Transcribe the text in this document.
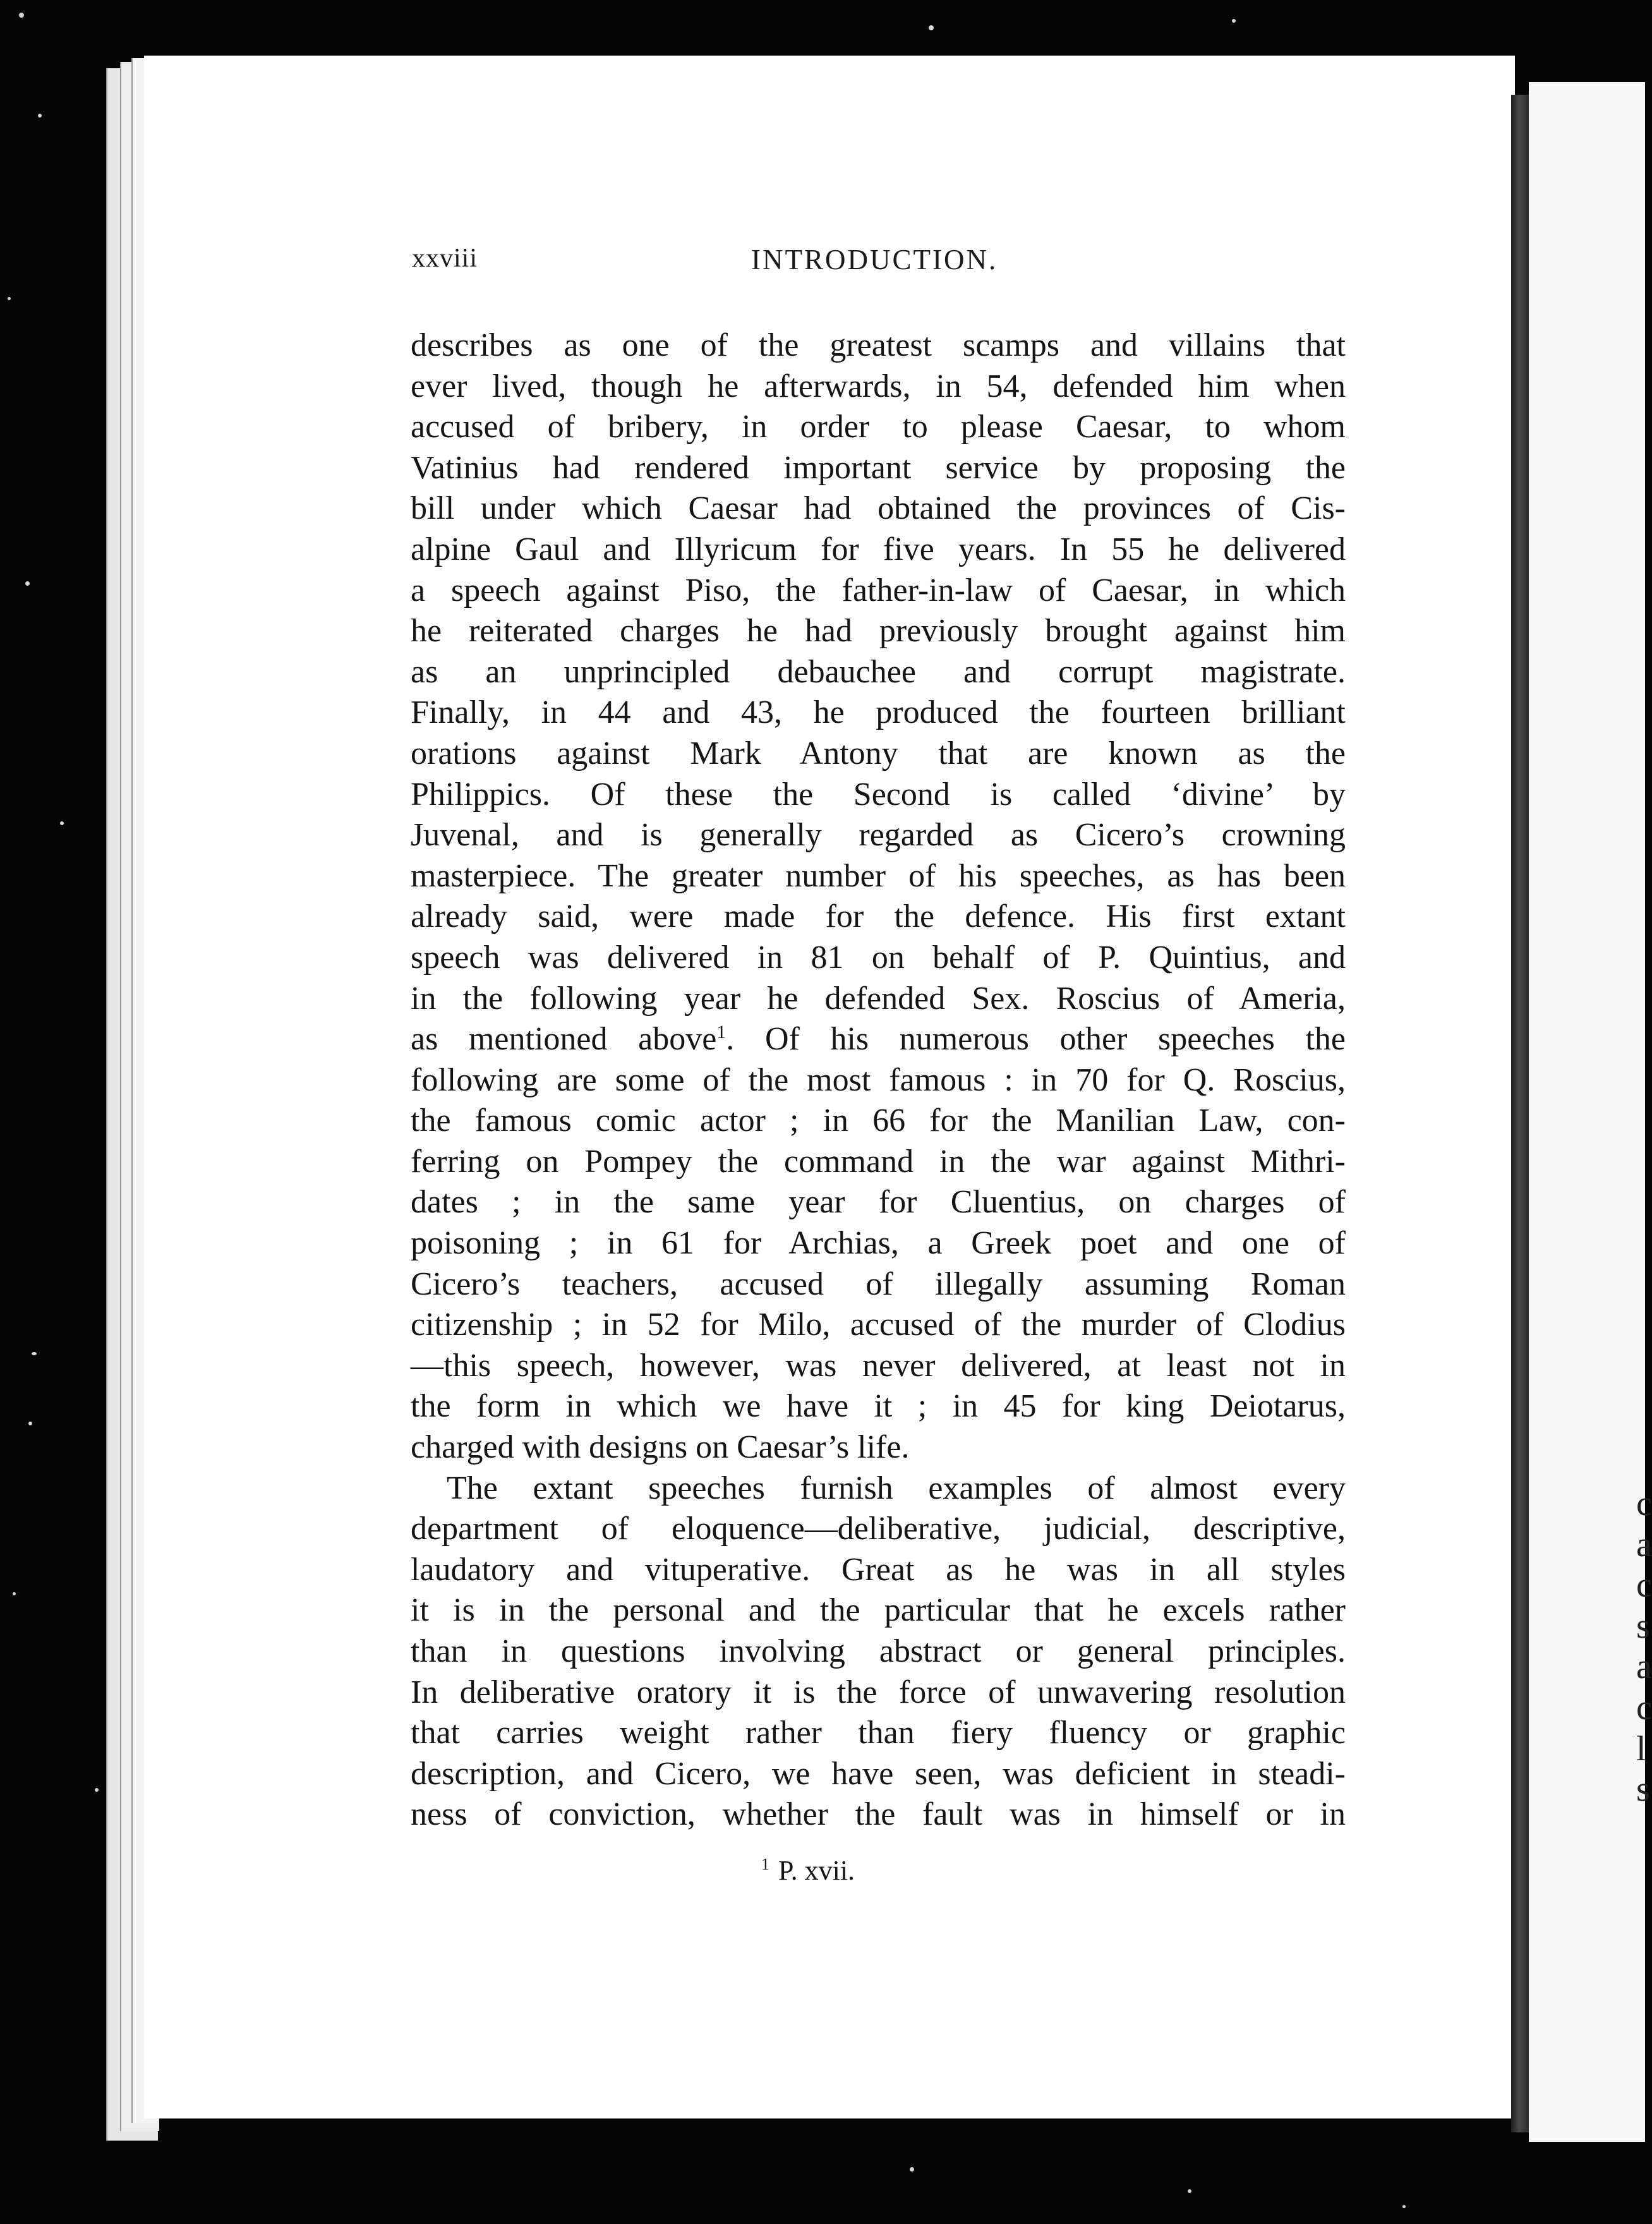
c
a
c
s
a
c
l
s
xxviii	INTRODUCTION.
describes as one of the greatest scamps and villains that
ever lived, though he afterwards, in 54, defended him when
accused of bribery, in order to please Caesar, to whom
Vatinius had rendered important service by proposing the
bill under which Caesar had obtained the provinces of Cis-
alpine Gaul and Illyricum for five years. In 55 he delivered
a speech against Piso, the father-in-law of Caesar, in which
he reiterated charges he had previously brought against him
as an unprincipled debauchee and corrupt magistrate.
Finally, in 44 and 43, he produced the fourteen brilliant
orations against Mark Antony that are known as the
Philippics. Of these the Second is called ‘divine’ by
Juvenal, and is generally regarded as Cicero’s crowning
masterpiece. The greater number of his speeches, as has been
already said, were made for the defence. His first extant
speech was delivered in 81 on behalf of P. Quintius, and
in the following year he defended Sex. Roscius of Ameria,
as mentioned above$^1$. Of his numerous other speeches the
following are some of the most famous : in 70 for Q. Roscius,
the famous comic actor ; in 66 for the Manilian Law, con-
ferring on Pompey the command in the war against Mithri-
dates ; in the same year for Cluentius, on charges of
poisoning ; in 61 for Archias, a Greek poet and one of
Cicero’s teachers, accused of illegally assuming Roman
citizenship ; in 52 for Milo, accused of the murder of Clodius
—this speech, however, was never delivered, at least not in
the form in which we have it ; in 45 for king Deiotarus,
charged with designs on Caesar’s life.
The extant speeches furnish examples of almost every
department of eloquence—deliberative, judicial, descriptive,
laudatory and vituperative. Great as he was in all styles
it is in the personal and the particular that he excels rather
than in questions involving abstract or general principles.
In deliberative oratory it is the force of unwavering resolution
that carries weight rather than fiery fluency or graphic
description, and Cicero, we have seen, was deficient in steadi-
ness of conviction, whether the fault was in himself or in
$^1$ P. xvii.
